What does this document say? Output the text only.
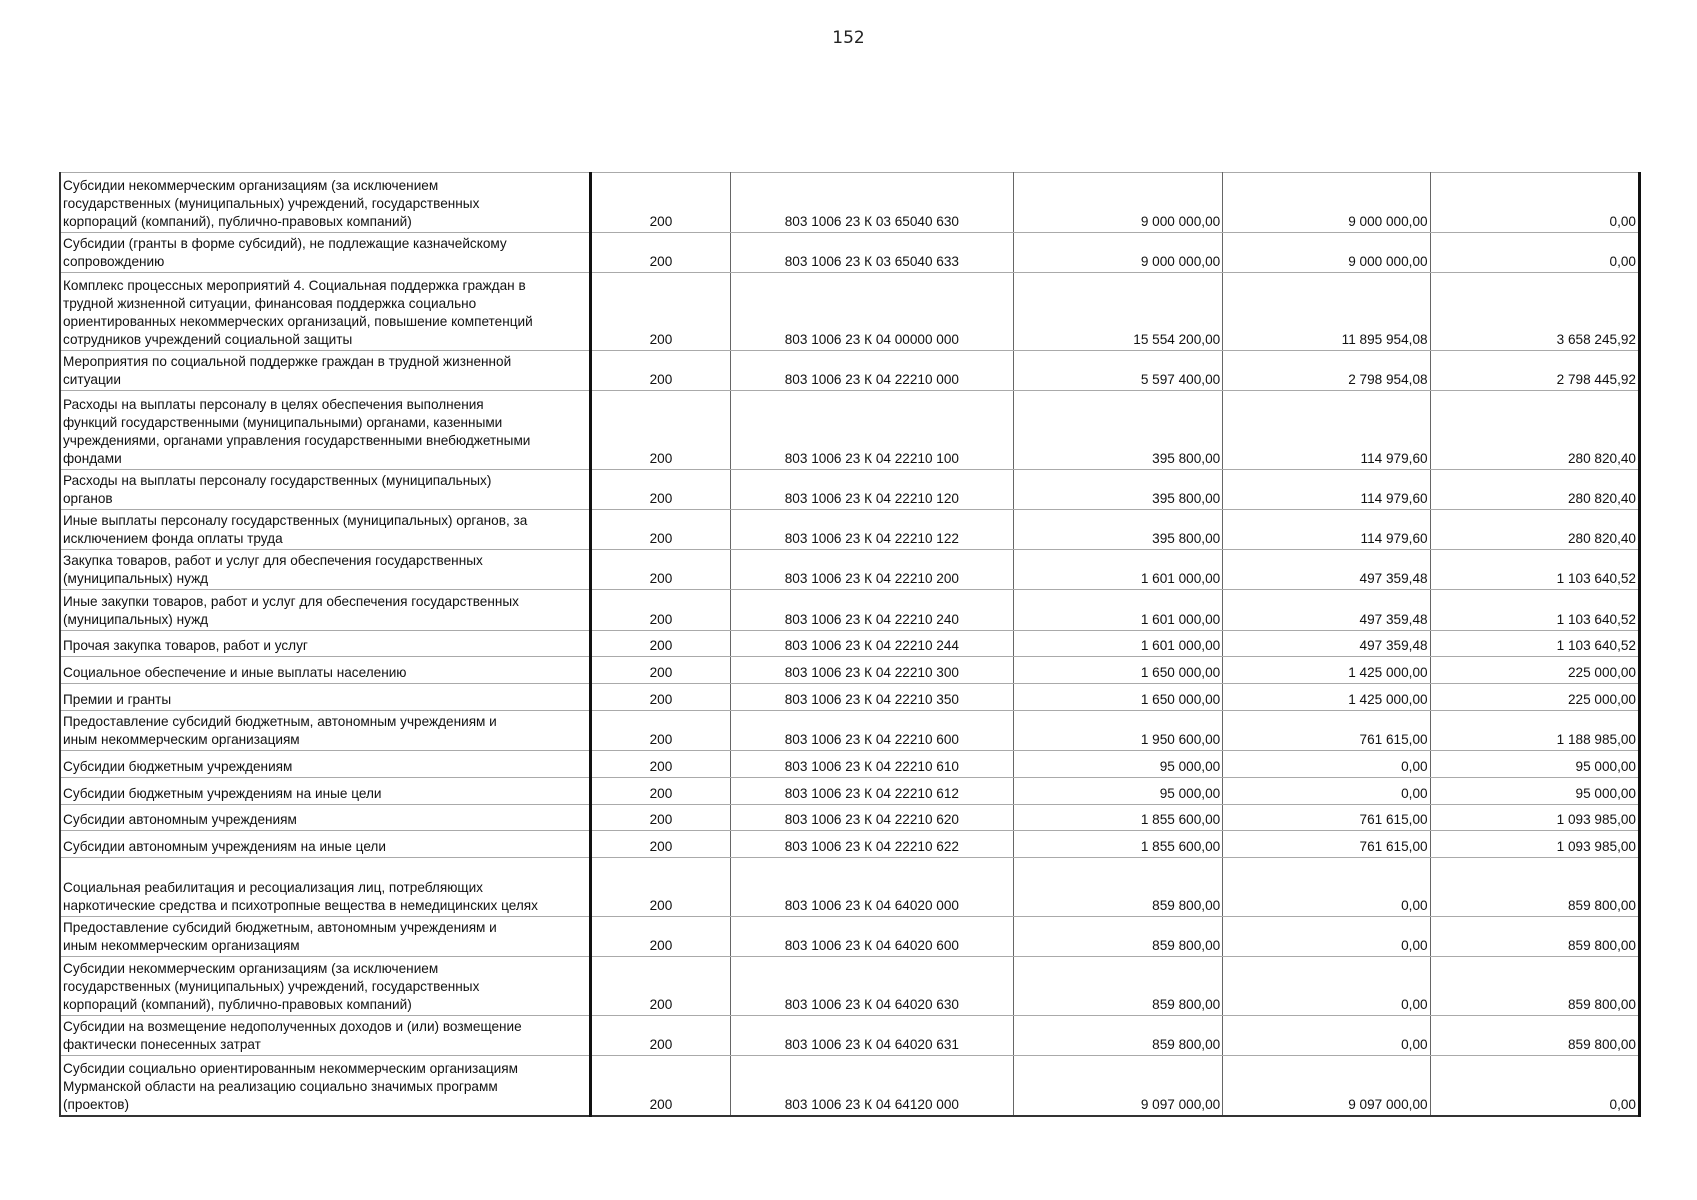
152
Субсидии некоммерческим организациям (за исключением
государственных (муниципальных) учреждений, государственных
корпораций (компаний), публично-правовых компаний)	200	803 1006 23 К 03 65040 630	9 000 000,00	9 000 000,00	0,00
Субсидии (гранты в форме субсидий), не подлежащие казначейскому
сопровождению	200	803 1006 23 К 03 65040 633	9 000 000,00	9 000 000,00	0,00
Комплекс процессных мероприятий 4. Социальная поддержка граждан в
трудной жизненной ситуации, финансовая поддержка социально
ориентированных некоммерческих организаций, повышение компетенций
сотрудников учреждений социальной защиты	200	803 1006 23 К 04 00000 000	15 554 200,00	11 895 954,08	3 658 245,92
Мероприятия по социальной поддержке граждан в трудной жизненной
ситуации	200	803 1006 23 К 04 22210 000	5 597 400,00	2 798 954,08	2 798 445,92
Расходы на выплаты персоналу в целях обеспечения выполнения
функций государственными (муниципальными) органами, казенными
учреждениями, органами управления государственными внебюджетными
фондами	200	803 1006 23 К 04 22210 100	395 800,00	114 979,60	280 820,40
Расходы на выплаты персоналу государственных (муниципальных)
органов	200	803 1006 23 К 04 22210 120	395 800,00	114 979,60	280 820,40
Иные выплаты персоналу государственных (муниципальных) органов, за
исключением фонда оплаты труда	200	803 1006 23 К 04 22210 122	395 800,00	114 979,60	280 820,40
Закупка товаров, работ и услуг для обеспечения государственных
(муниципальных) нужд	200	803 1006 23 К 04 22210 200	1 601 000,00	497 359,48	1 103 640,52
Иные закупки товаров, работ и услуг для обеспечения государственных
(муниципальных) нужд	200	803 1006 23 К 04 22210 240	1 601 000,00	497 359,48	1 103 640,52
Прочая закупка товаров, работ и услуг	200	803 1006 23 К 04 22210 244	1 601 000,00	497 359,48	1 103 640,52
Социальное обеспечение и иные выплаты населению	200	803 1006 23 К 04 22210 300	1 650 000,00	1 425 000,00	225 000,00
Премии и гранты	200	803 1006 23 К 04 22210 350	1 650 000,00	1 425 000,00	225 000,00
Предоставление субсидий бюджетным, автономным учреждениям и
иным некоммерческим организациям	200	803 1006 23 К 04 22210 600	1 950 600,00	761 615,00	1 188 985,00
Субсидии бюджетным учреждениям	200	803 1006 23 К 04 22210 610	95 000,00	0,00	95 000,00
Субсидии бюджетным учреждениям на иные цели	200	803 1006 23 К 04 22210 612	95 000,00	0,00	95 000,00
Субсидии автономным учреждениям	200	803 1006 23 К 04 22210 620	1 855 600,00	761 615,00	1 093 985,00
Субсидии автономным учреждениям на иные цели	200	803 1006 23 К 04 22210 622	1 855 600,00	761 615,00	1 093 985,00
Социальная реабилитация и ресоциализация лиц, потребляющих
наркотические средства и психотропные вещества в немедицинских целях	200	803 1006 23 К 04 64020 000	859 800,00	0,00	859 800,00
Предоставление субсидий бюджетным, автономным учреждениям и
иным некоммерческим организациям	200	803 1006 23 К 04 64020 600	859 800,00	0,00	859 800,00
Субсидии некоммерческим организациям (за исключением
государственных (муниципальных) учреждений, государственных
корпораций (компаний), публично-правовых компаний)	200	803 1006 23 К 04 64020 630	859 800,00	0,00	859 800,00
Субсидии на возмещение недополученных доходов и (или) возмещение
фактически понесенных затрат	200	803 1006 23 К 04 64020 631	859 800,00	0,00	859 800,00
Субсидии социально ориентированным некоммерческим организациям
Мурманской области на реализацию социально значимых программ
(проектов)	200	803 1006 23 К 04 64120 000	9 097 000,00	9 097 000,00	0,00
